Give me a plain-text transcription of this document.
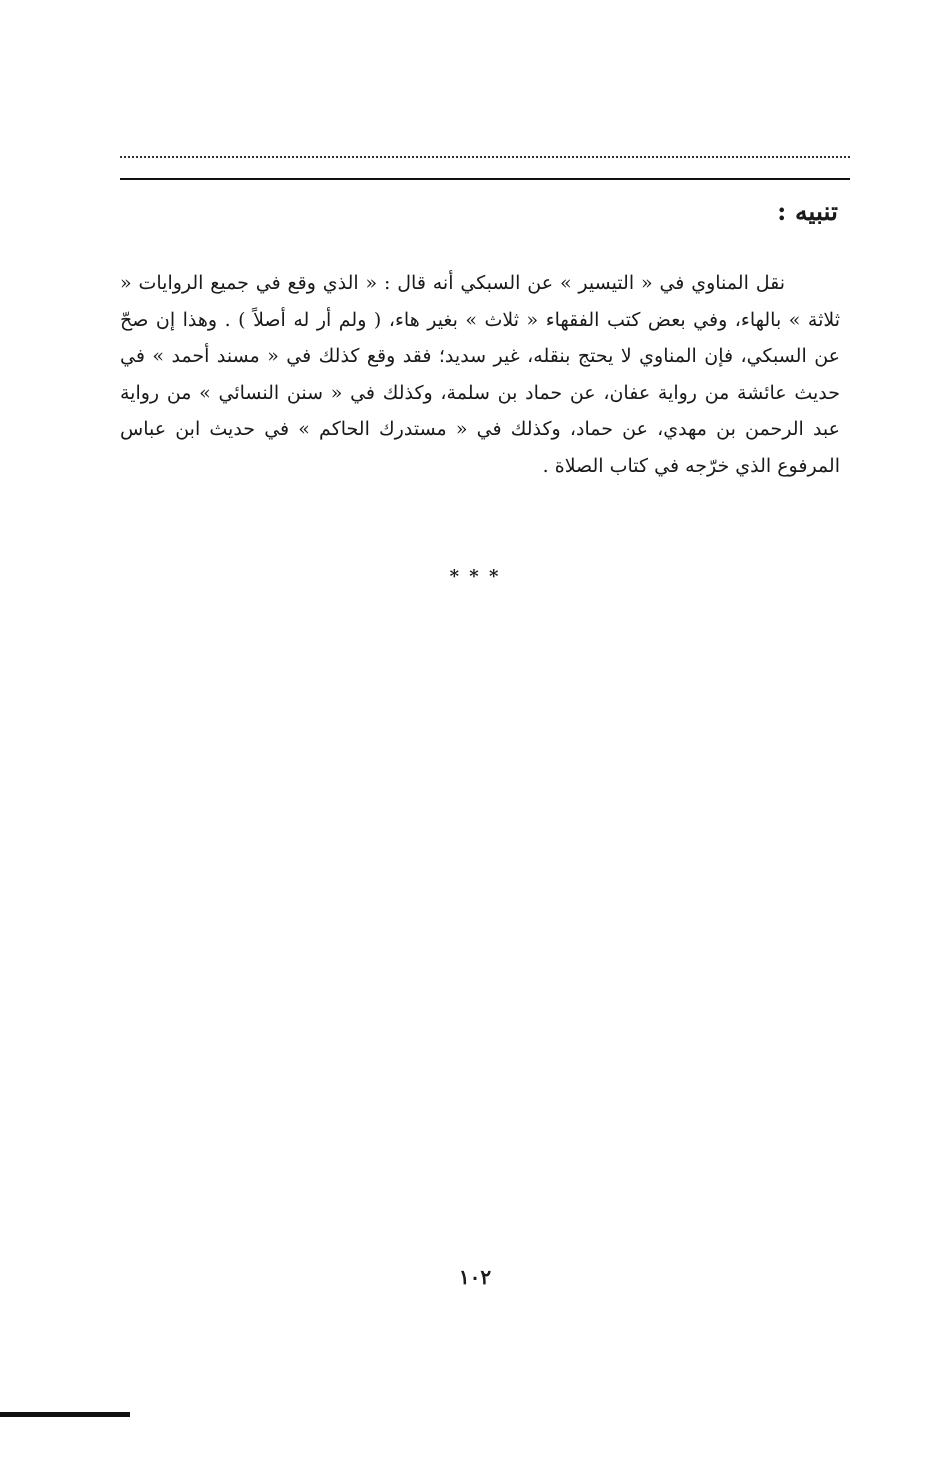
تنبيه :

نقل المناوي في « التيسير » عن السبكي أنه قال : « الذي وقع في جميع الروايات « ثلاثة » بالهاء، وفي بعض كتب الفقهاء « ثلاث » بغير هاء، ( ولم أر له أصلاً ) . وهذا إن صحّ عن السبكي، فإن المناوي لا يحتج بنقله، غير سديد؛ فقد وقع كذلك في « مسند أحمد » في حديث عائشة من رواية عفان، عن حماد بن سلمة، وكذلك في « سنن النسائي » من رواية عبد الرحمن بن مهدي، عن حماد، وكذلك في « مستدرك الحاكم » في حديث ابن عباس المرفوع الذي خرّجه في كتاب الصلاة .

* * *
١٠٢
